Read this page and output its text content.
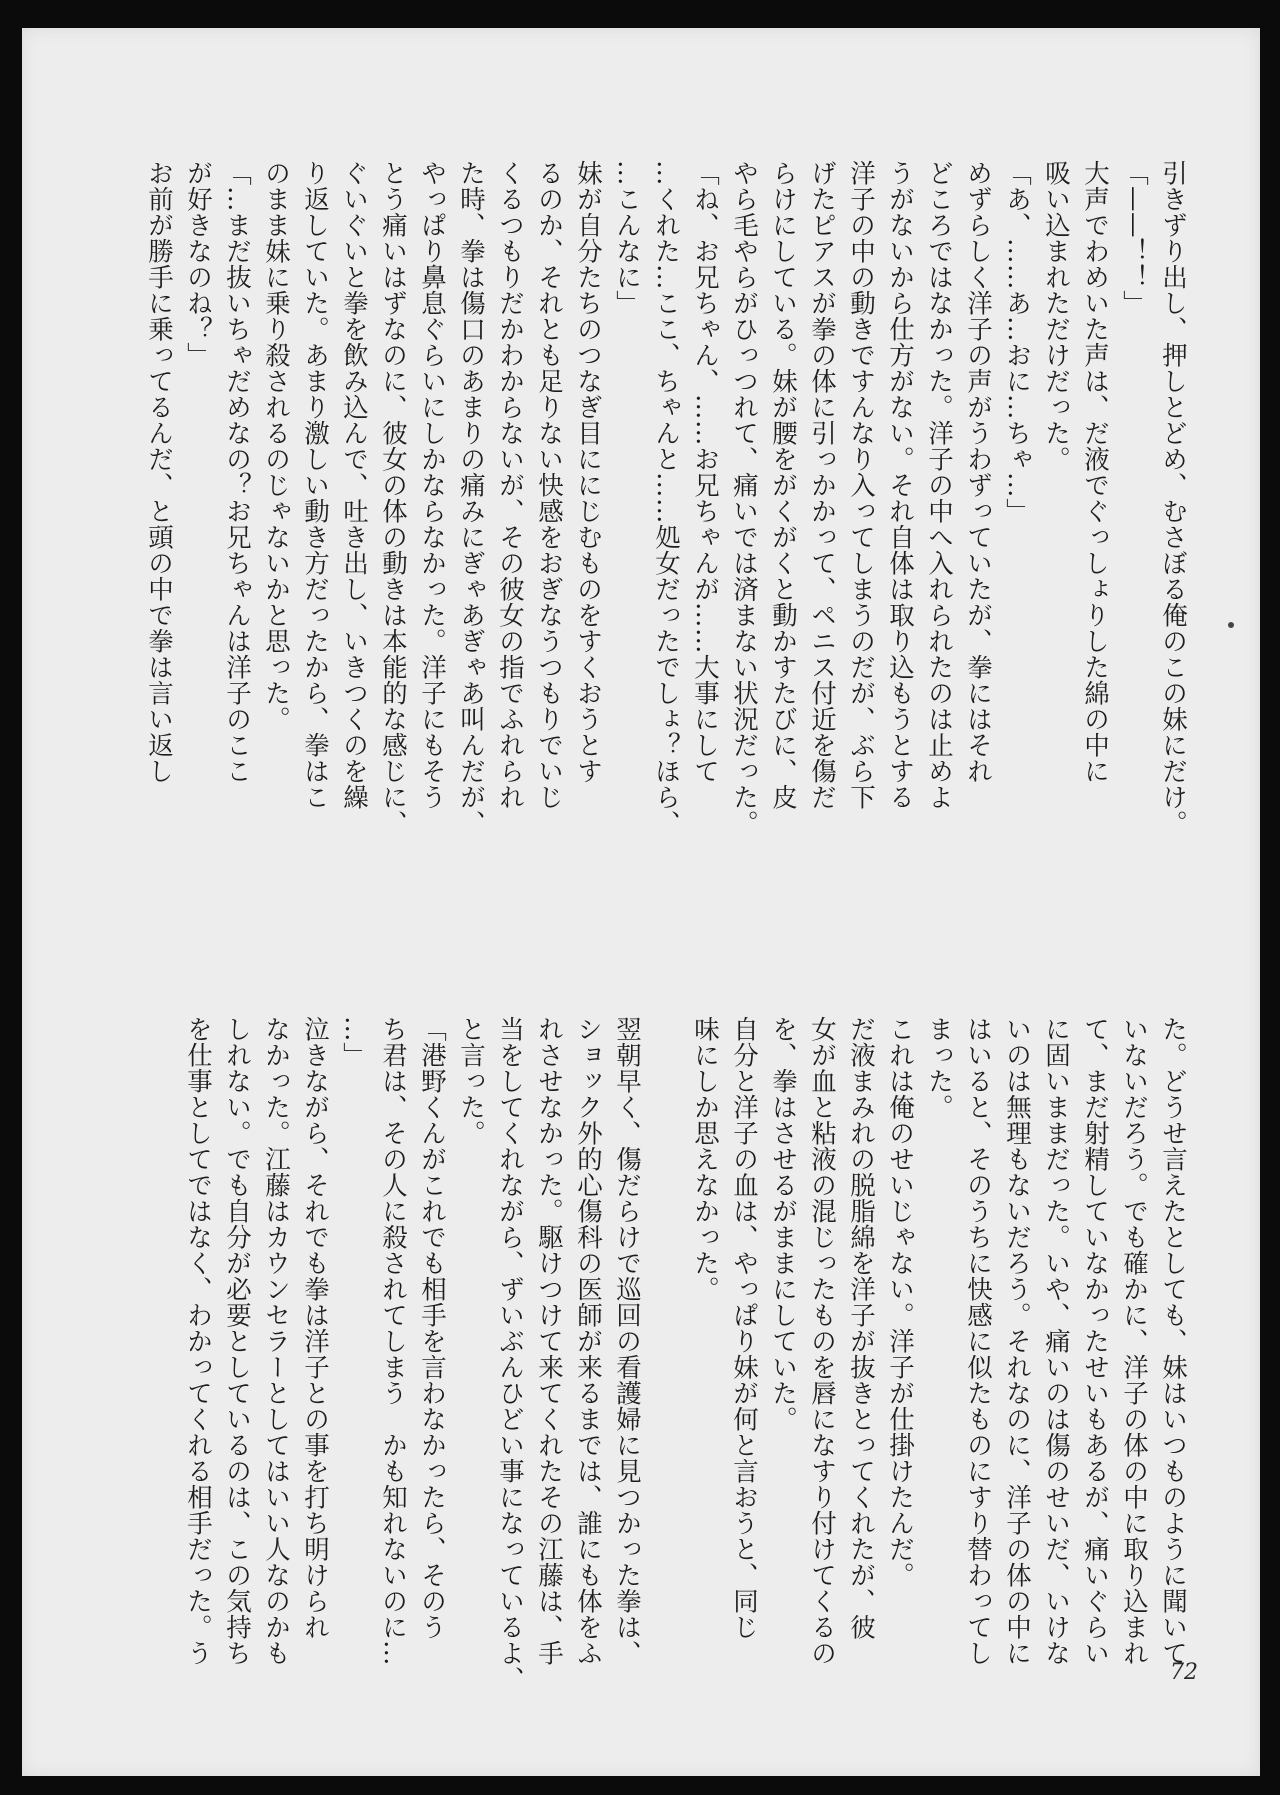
引きずり出し、押しとどめ、むさぼる俺のこの妹にだけ。

「——！！」

大声でわめいた声は、だ液でぐっしょりした綿の中に

吸い込まれただけだった。

「あ、……あ…おに…ちゃ…」

めずらしく洋子の声がうわずっていたが、拳にはそれ

どころではなかった。洋子の中へ入れられたのは止めよ

うがないから仕方がない。それ自体は取り込もうとする

洋子の中の動きですんなり入ってしまうのだが、ぶら下

げたピアスが拳の体に引っかかって、ペニス付近を傷だ

らけにしている。妹が腰をがくがくと動かすたびに、皮

やら毛やらがひっつれて、痛いでは済まない状況だった。

「ね、お兄ちゃん、……お兄ちゃんが……大事にして

…くれた…ここ、ちゃんと……処女だったでしょ？ほら、

…こんなに」

妹が自分たちのつなぎ目ににじむものをすくおうとす

るのか、それとも足りない快感をおぎなうつもりでいじ

くるつもりだかわからないが、その彼女の指でふれられ

た時、拳は傷口のあまりの痛みにぎゃあぎゃあ叫んだが、

やっぱり鼻息ぐらいにしかならなかった。洋子にもそう

とう痛いはずなのに、彼女の体の動きは本能的な感じに、

ぐいぐいと拳を飲み込んで、吐き出し、いきつくのを繰

り返していた。あまり激しい動き方だったから、拳はこ

のまま妹に乗り殺されるのじゃないかと思った。

「…まだ抜いちゃだめなの？お兄ちゃんは洋子のここ

が好きなのね？」

お前が勝手に乗ってるんだ、と頭の中で拳は言い返し

た。どうせ言えたとしても、妹はいつものように聞いて

いないだろう。でも確かに、洋子の体の中に取り込まれ

て、まだ射精していなかったせいもあるが、痛いぐらい

に固いままだった。いや、痛いのは傷のせいだ、いけな

いのは無理もないだろう。それなのに、洋子の体の中に

はいると、そのうちに快感に似たものにすり替わってし

まった。

これは俺のせいじゃない。洋子が仕掛けたんだ。

だ液まみれの脱脂綿を洋子が抜きとってくれたが、彼

女が血と粘液の混じったものを唇になすり付けてくるの

を、拳はさせるがままにしていた。

自分と洋子の血は、やっぱり妹が何と言おうと、同じ

味にしか思えなかった。

翌朝早く、傷だらけで巡回の看護婦に見つかった拳は、

ショック外的心傷科の医師が来るまでは、誰にも体をふ

れさせなかった。駆けつけて来てくれたその江藤は、手

当をしてくれながら、ずいぶんひどい事になっているよ、

と言った。

「港野くんがこれでも相手を言わなかったら、そのう

ち君は、その人に殺されてしまう　かも知れないのに…

…」

泣きながら、それでも拳は洋子との事を打ち明けられ

なかった。江藤はカウンセラーとしてはいい人なのかも

しれない。でも自分が必要としているのは、この気持ち

を仕事としてではなく、わかってくれる相手だった。う

72
